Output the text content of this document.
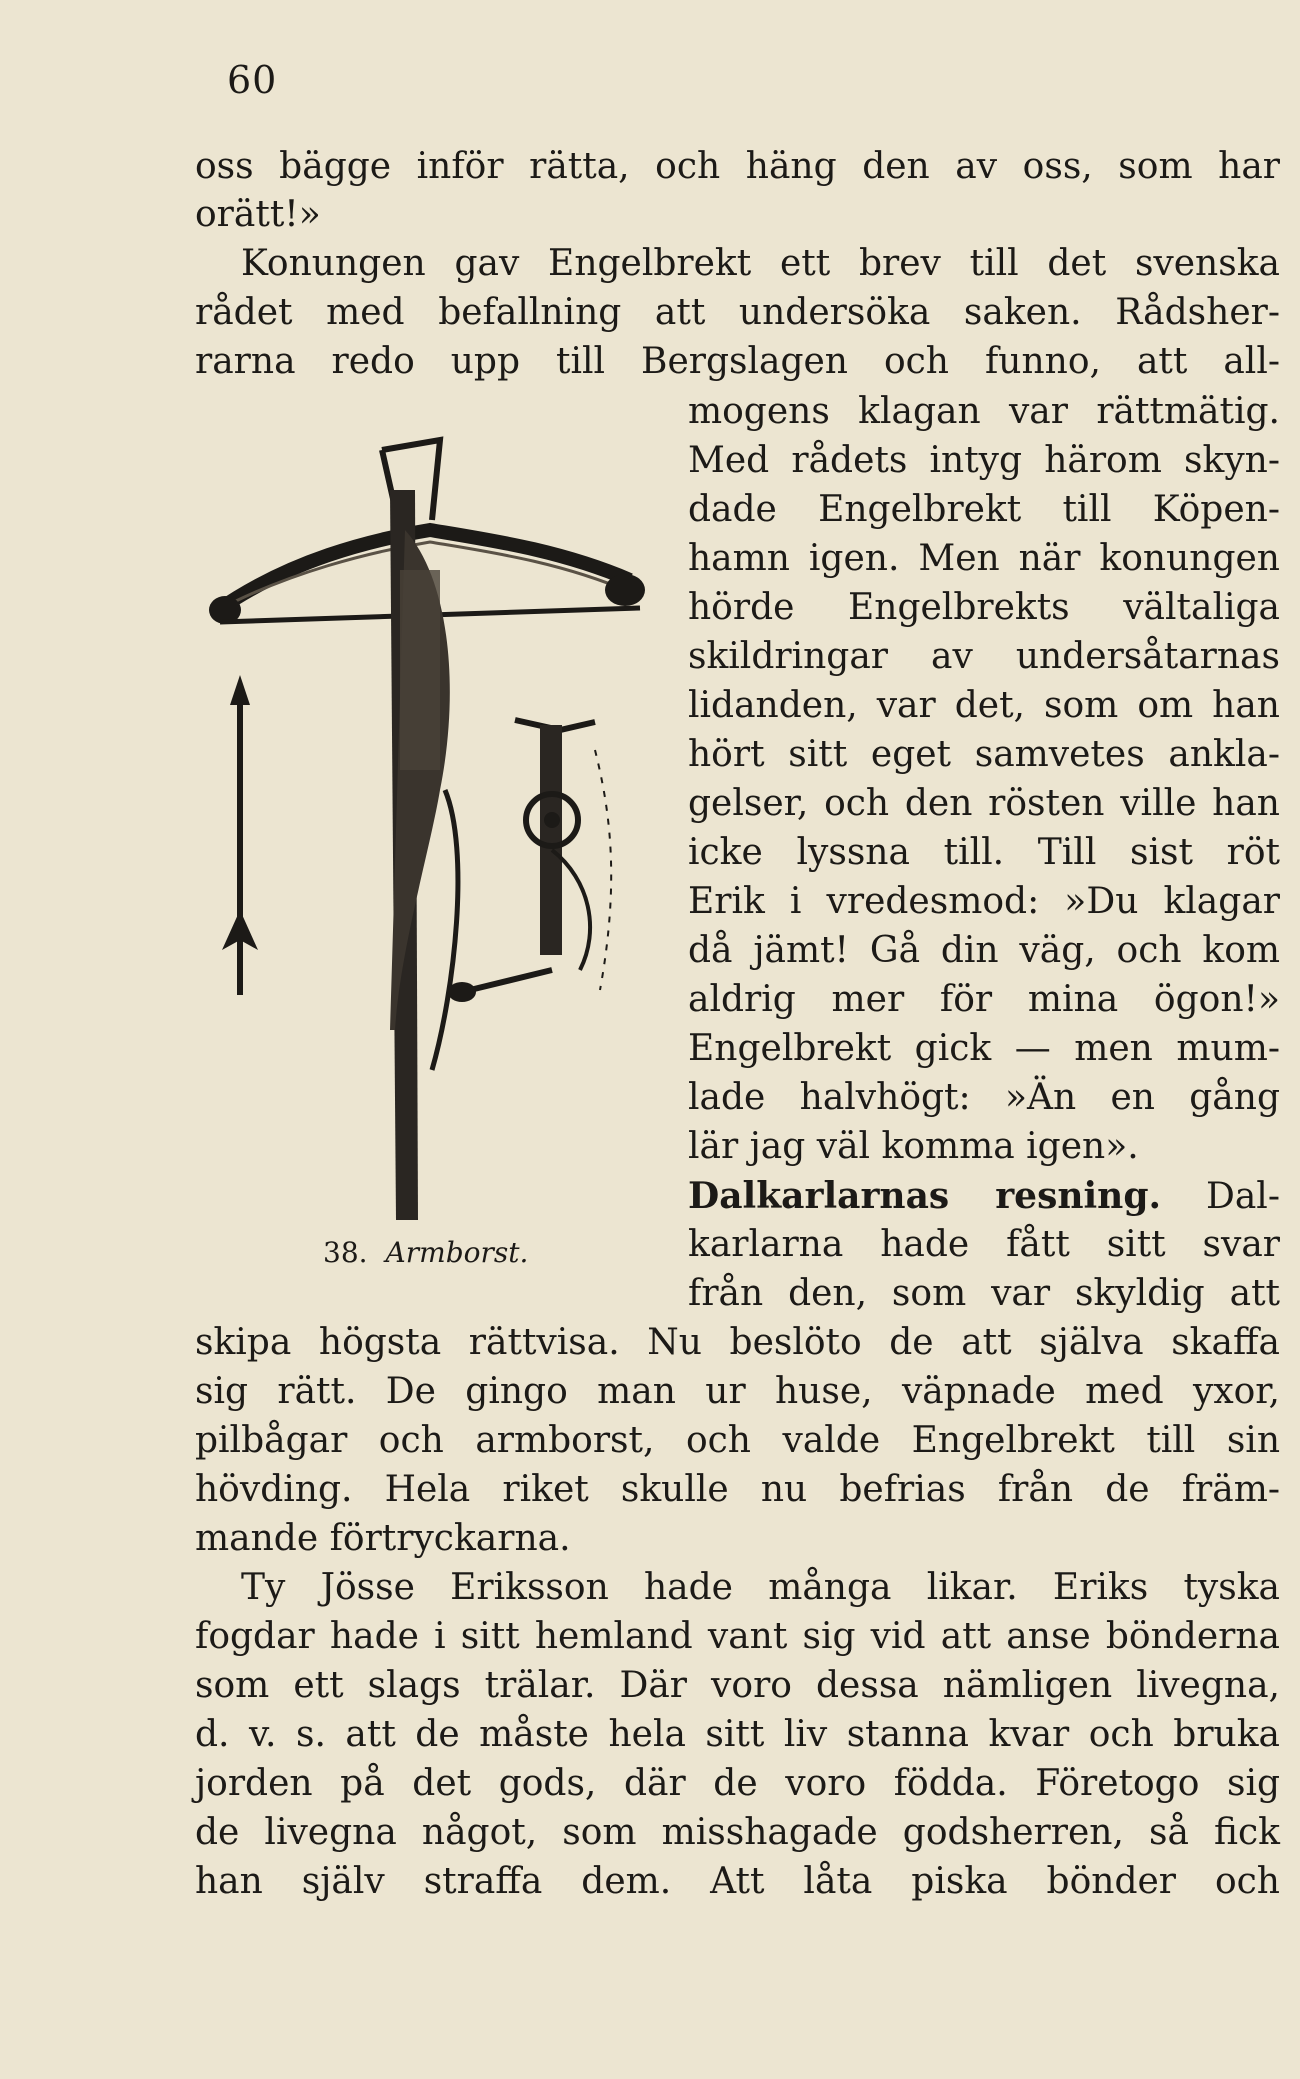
60
oss bägge inför rätta, och häng den av oss, som har
orätt!»
Konungen gav Engelbrekt ett brev till det svenska
rådet med befallning att undersöka saken. Rådsher-
rarna redo upp till Bergslagen och funno, att all-
mogens klagan var rättmätig.
Med rådets intyg härom skyn-
dade Engelbrekt till Köpen-
hamn igen. Men när konungen
hörde Engelbrekts vältaliga
skildringar av undersåtarnas
lidanden, var det, som om han
hört sitt eget samvetes ankla-
gelser, och den rösten ville han
icke lyssna till. Till sist röt
Erik i vredesmod: »Du klagar
då jämt! Gå din väg, och kom
aldrig mer för mina ögon!»
Engelbrekt gick — men mum-
lade halvhögt: »Än en gång
lär jag väl komma igen».
Dalkarlarnas resning. Dal-
karlarna hade fått sitt svar
från den, som var skyldig att
skipa högsta rättvisa. Nu beslöto de att själva skaffa
sig rätt. De gingo man ur huse, väpnade med yxor,
pilbågar och armborst, och valde Engelbrekt till sin
hövding. Hela riket skulle nu befrias från de främ-
mande förtryckarna.
Ty Jösse Eriksson hade många likar. Eriks tyska
fogdar hade i sitt hemland vant sig vid att anse bönderna
som ett slags trälar. Där voro dessa nämligen livegna,
d. v. s. att de måste hela sitt liv stanna kvar och bruka
jorden på det gods, där de voro födda. Företogo sig
de livegna något, som misshagade godsherren, så fick
han själv straffa dem. Att låta piska bönder och
38. Armborst.
